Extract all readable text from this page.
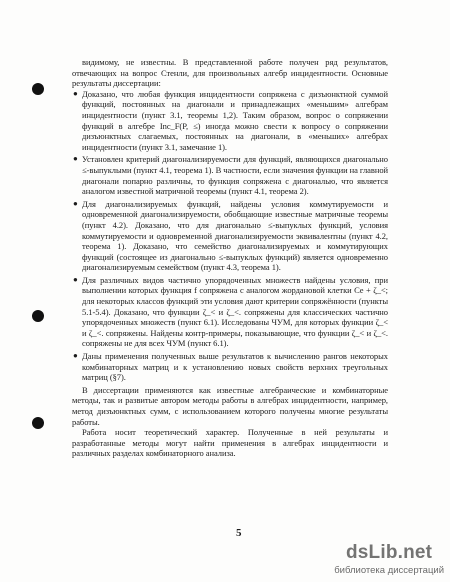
видимому, не известны. В представленной работе получен ряд результатов, отвечающих на вопрос Стенли, для произвольных алгебр инцидентности. Основные результаты диссертации:

● Доказано, что любая функция инцидентности сопряжена с дизъюнктной суммой функций, постоянных на диагонали и принадлежащих «меньшим» алгебрам инцидентности (пункт 3.1, теоремы 1,2). Таким образом, вопрос о сопряжении функций в алгебре Inc_F(P, ≤) иногда можно свести к вопросу о сопряжении дизъюнктных слагаемых, постоянных на диагонали, в «меньших» алгебрах инцидентности (пункт 3.1, замечание 1).
● Установлен критерий диагонализируемости для функций, являющихся диагонально ≤-выпуклыми (пункт 4.1, теорема 1). В частности, если значения функции на главной диагонали попарно различны, то функция сопряжена с диагональю, что является аналогом известной матричной теоремы (пункт 4.1, теорема 2).
● Для диагонализируемых функций, найдены условия коммутируемости и одновременной диагонализируемости, обобщающие известные матричные теоремы (пункт 4.2). Доказано, что для диагонально ≤-выпуклых функций, условия коммутируемости и одновременной диагонализируемости эквивалентны (пункт 4.2, теорема 1). Доказано, что семейство диагонализируемых и коммутирующих функций (состоящее из диагонально ≤-выпуклых функций) является одновременно диагонализируемым семейством (пункт 4.3, теорема 1).
● Для различных видов частично упорядоченных множеств найдены условия, при выполнении которых функция f сопряжена с аналогом жордановой клетки Ce + ζ_<; для некоторых классов функций эти условия дают критерии сопряжённости (пункты 5.1-5.4). Доказано, что функции ζ_< и ζ_<. сопряжены для классических частично упорядоченных множеств (пункт 6.1). Исследованы ЧУМ, для которых функции ζ_< и ζ_<. сопряжены. Найдены контр-примеры, показывающие, что функции ζ_< и ζ_<. сопряжены не для всех ЧУМ (пункт 6.1).
● Даны применения полученных выше результатов к вычислению рангов некоторых комбинаторных матриц и к установлению новых свойств верхних треугольных матриц (§7).

В диссертации применяются как известные алгебраические и комбинаторные методы, так и развитые автором методы работы в алгебрах инцидентности, например, метод дизъюнктных сумм, с использованием которого получены многие результаты работы.

Работа носит теоретический характер. Полученные в ней результаты и разработанные методы могут найти применения в алгебрах инцидентности и различных разделах комбинаторного анализа.

5
dsLib.net
библиотека диссертаций
